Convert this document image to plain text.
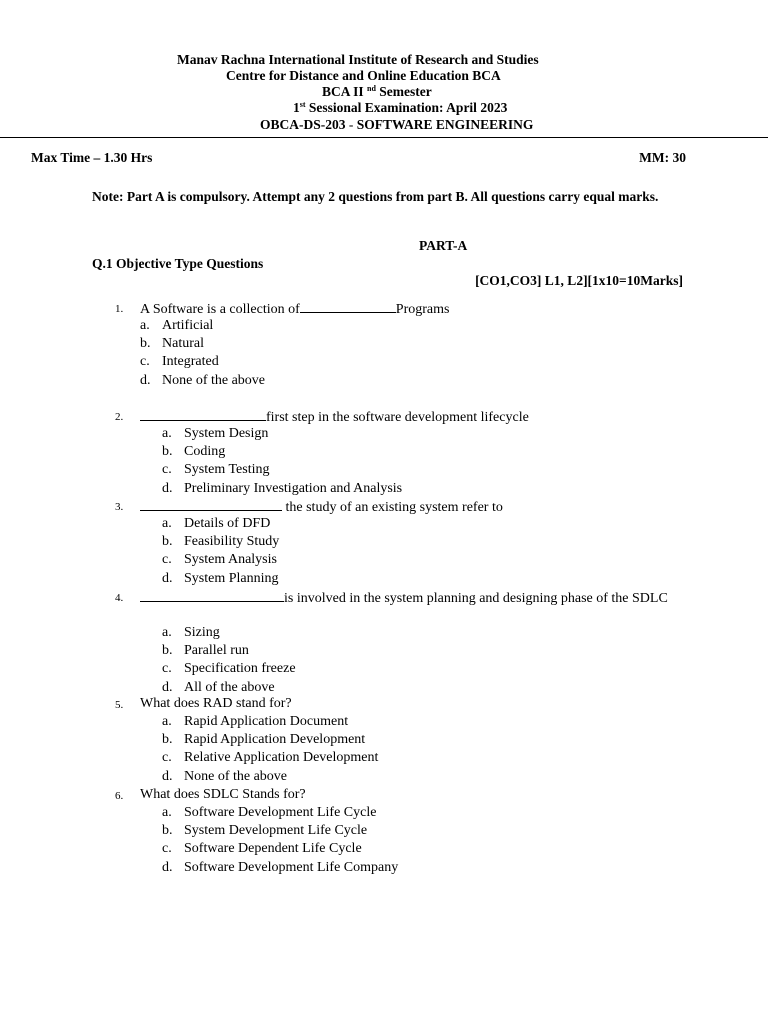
Manav Rachna International Institute of Research and Studies
Centre for Distance and Online Education BCA
BCA II $^{nd}$ Semester
1st Sessional Examination: April 2023
OBCA-DS-203 - SOFTWARE ENGINEERING
Max Time – 1.30 Hrs	MM: 30
Note: Part A is compulsory. Attempt any 2 questions from part B. All questions carry equal marks.
PART-A
Q.1 Objective Type Questions
[CO1,CO3] L1, L2][1x10=10Marks]
1. A Software is a collection of	Programs
a. Artificial
b. Natural
c. Integrated
d. None of the above
2.	first step in the software development lifecycle
a. System Design
b. Coding
c. System Testing
d. Preliminary Investigation and Analysis
3.	the study of an existing system refer to
a. Details of DFD
b. Feasibility Study
c. System Analysis
d. System Planning
4.	is involved in the system planning and designing phase of the SDLC
a. Sizing
b. Parallel run
c. Specification freeze
d. All of the above
5. What does RAD stand for?
a. Rapid Application Document
b. Rapid Application Development
c. Relative Application Development
d. None of the above
6. What does SDLC Stands for?
a. Software Development Life Cycle
b. System Development Life Cycle
c. Software Dependent Life Cycle
d. Software Development Life Company
